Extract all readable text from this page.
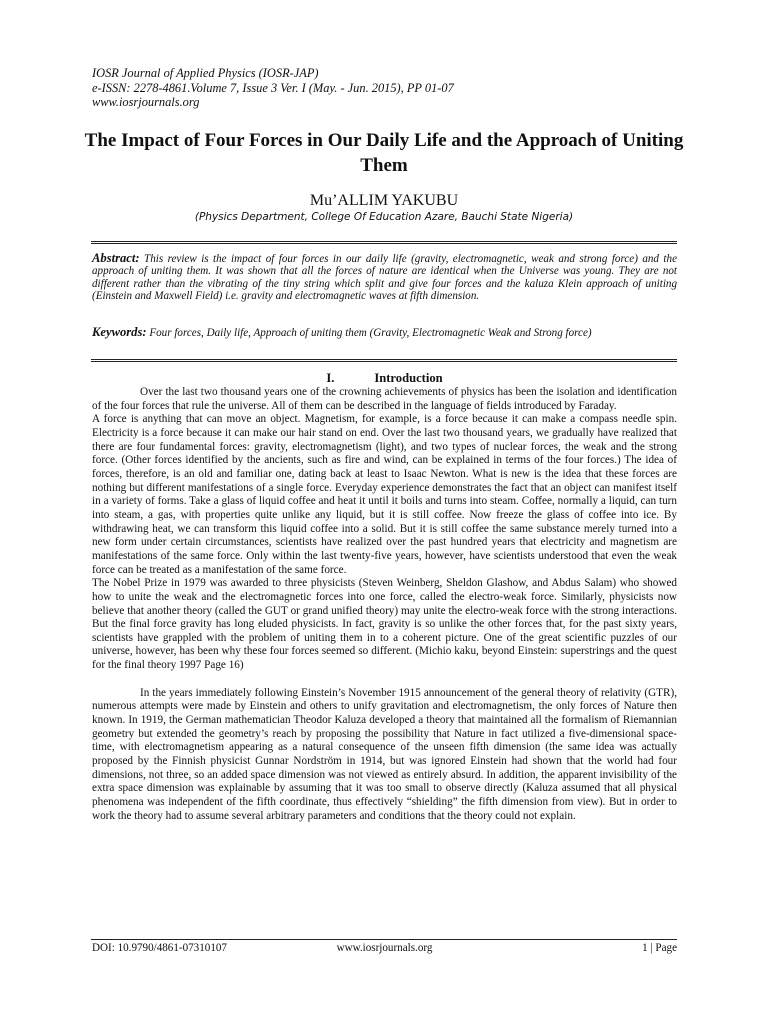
IOSR Journal of Applied Physics (IOSR-JAP)
e-ISSN: 2278-4861.Volume 7, Issue 3 Ver. I (May. - Jun. 2015), PP 01-07
www.iosrjournals.org
The Impact of Four Forces in Our Daily Life and the Approach of Uniting Them
Mu’ALLIM YAKUBU
(Physics Department, College Of Education Azare, Bauchi State Nigeria)
Abstract: This review is the impact of four forces in our daily life (gravity, electromagnetic, weak and strong force) and the approach of uniting them. It was shown that all the forces of nature are identical when the Universe was young. They are not different rather than the vibrating of the tiny string which split and give four forces and the kaluza Klein approach of uniting (Einstein and Maxwell Field) i.e. gravity and electromagnetic waves at fifth dimension.
Keywords: Four forces, Daily life, Approach of uniting them (Gravity, Electromagnetic Weak and Strong force)
I.	Introduction

Over the last two thousand years one of the crowning achievements of physics has been the isolation and identification of the four forces that rule the universe. All of them can be described in the language of fields introduced by Faraday.

A force is anything that can move an object. Magnetism, for example, is a force because it can make a compass needle spin. Electricity is a force because it can make our hair stand on end. Over the last two thousand years, we gradually have realized that there are four fundamental forces: gravity, electromagnetism (light), and two types of nuclear forces, the weak and the strong force. (Other forces identified by the ancients, such as fire and wind, can be explained in terms of the four forces.) The idea of forces, therefore, is an old and familiar one, dating back at least to Isaac Newton. What is new is the idea that these forces are nothing but different manifestations of a single force. Everyday experience demonstrates the fact that an object can manifest itself in a variety of forms. Take a glass of liquid coffee and heat it until it boils and turns into steam. Coffee, normally a liquid, can turn into steam, a gas, with properties quite unlike any liquid, but it is still coffee. Now freeze the glass of coffee into ice. By withdrawing heat, we can transform this liquid coffee into a solid. But it is still coffee the same substance merely turned into a new form under certain circumstances, scientists have realized over the past hundred years that electricity and magnetism are manifestations of the same force. Only within the last twenty-five years, however, have scientists understood that even the weak force can be treated as a manifestation of the same force.

The Nobel Prize in 1979 was awarded to three physicists (Steven Weinberg, Sheldon Glashow, and Abdus Salam) who showed how to unite the weak and the electromagnetic forces into one force, called the electro-weak force. Similarly, physicists now believe that another theory (called the GUT or grand unified theory) may unite the electro-weak force with the strong interactions. But the final force gravity has long eluded physicists. In fact, gravity is so unlike the other forces that, for the past sixty years, scientists have grappled with the problem of uniting them in to a coherent picture. One of the great scientific puzzles of our universe, however, has been why these four forces seemed so different. (Michio kaku, beyond Einstein: superstrings and the quest for the final theory 1997 Page 16)

In the years immediately following Einstein’s November 1915 announcement of the general theory of relativity (GTR), numerous attempts were made by Einstein and others to unify gravitation and electromagnetism, the only forces of Nature then known. In 1919, the German mathematician Theodor Kaluza developed a theory that maintained all the formalism of Riemannian geometry but extended the geometry’s reach by proposing the possibility that Nature in fact utilized a five-dimensional space-time, with electromagnetism appearing as a natural consequence of the unseen fifth dimension (the same idea was actually proposed by the Finnish physicist Gunnar Nordström in 1914, but was ignored Einstein had shown that the world had four dimensions, not three, so an added space dimension was not viewed as entirely absurd. In addition, the apparent invisibility of the extra space dimension was explainable by assuming that it was too small to observe directly (Kaluza assumed that all physical phenomena was independent of the fifth coordinate, thus effectively “shielding” the fifth dimension from view). But in order to work the theory had to assume several arbitrary parameters and conditions that the theory could not explain.

DOI: 10.9790/4861-07310107	www.iosrjournals.org	1 | Page
